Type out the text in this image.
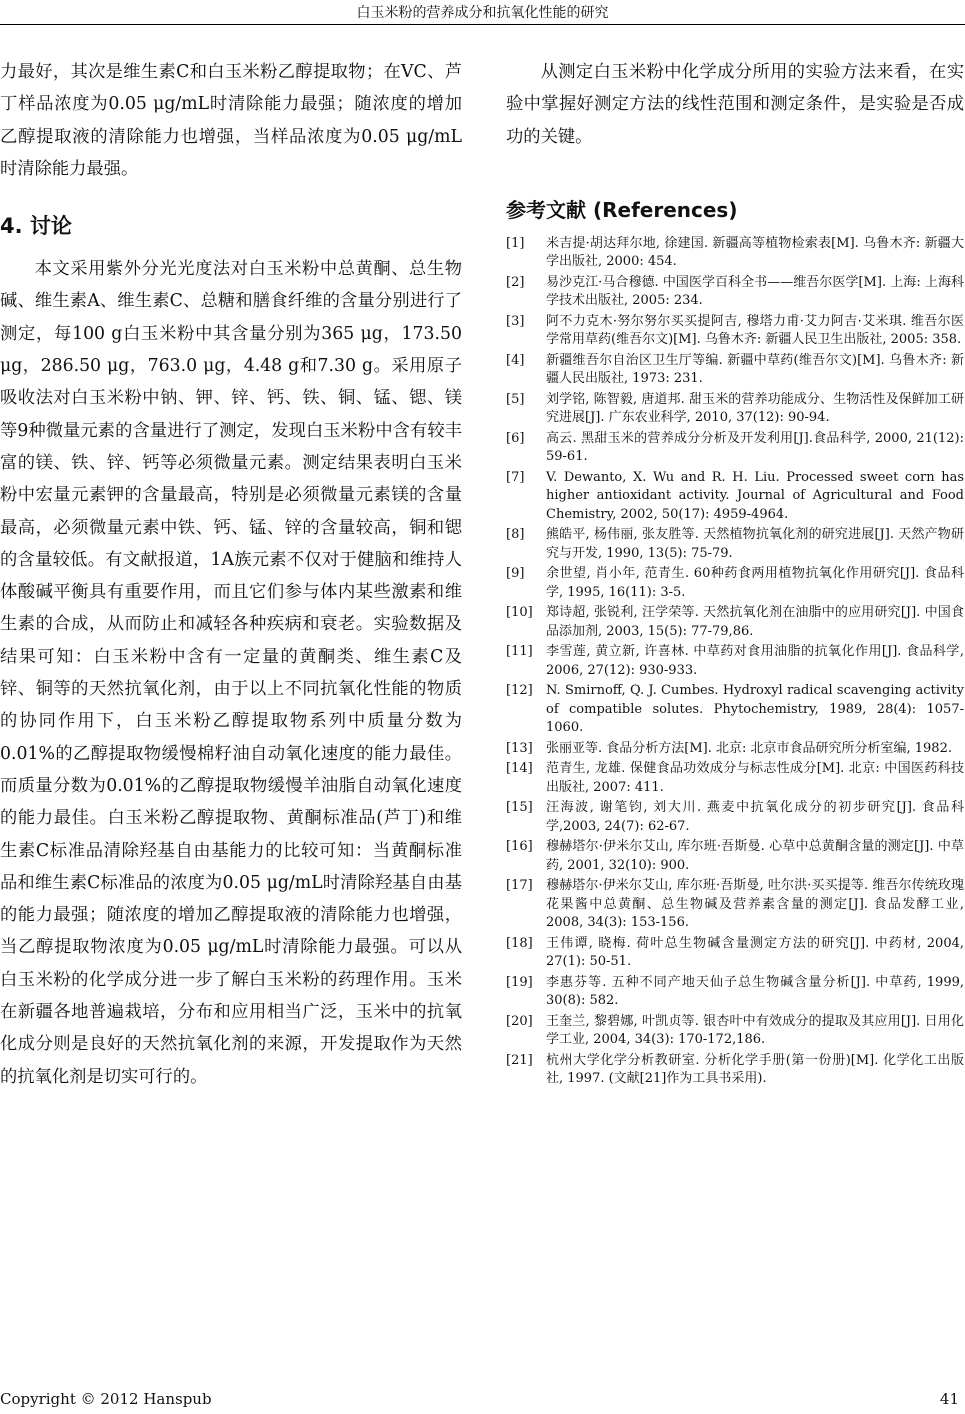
白玉米粉的营养成分和抗氧化性能的研究

力最好，其次是维生素C和白玉米粉乙醇提取物；在VC、芦丁样品浓度为0.05 μg/mL时清除能力最强；随浓度的增加乙醇提取液的清除能力也增强，当样品浓度为0.05 μg/mL时清除能力最强。

4. 讨论

本文采用紫外分光光度法对白玉米粉中总黄酮、总生物碱、维生素A、维生素C、总糖和膳食纤维的含量分别进行了测定，每100 g白玉米粉中其含量分别为365 μg，173.50 μg，286.50 μg，763.0 μg，4.48 g和7.30 g。采用原子吸收法对白玉米粉中钠、钾、锌、钙、铁、铜、锰、锶、镁等9种微量元素的含量进行了测定，发现白玉米粉中含有较丰富的镁、铁、锌、钙等必须微量元素。测定结果表明白玉米粉中宏量元素钾的含量最高，特别是必须微量元素镁的含量最高，必须微量元素中铁、钙、锰、锌的含量较高，铜和锶的含量较低。有文献报道，1A族元素不仅对于健脑和维持人体酸碱平衡具有重要作用，而且它们参与体内某些激素和维生素的合成，从而防止和减轻各种疾病和衰老。实验数据及结果可知：白玉米粉中含有一定量的黄酮类、维生素C及锌、铜等的天然抗氧化剂，由于以上不同抗氧化性能的物质的协同作用下，白玉米粉乙醇提取物系列中质量分数为0.01%的乙醇提取物缓慢棉籽油自动氧化速度的能力最佳。而质量分数为0.01%的乙醇提取物缓慢羊油脂自动氧化速度的能力最佳。白玉米粉乙醇提取物、黄酮标准品(芦丁)和维生素C标准品清除羟基自由基能力的比较可知：当黄酮标准品和维生素C标准品的浓度为0.05 μg/mL时清除羟基自由基的能力最强；随浓度的增加乙醇提取液的清除能力也增强，当乙醇提取物浓度为0.05 μg/mL时清除能力最强。可以从白玉米粉的化学成分进一步了解白玉米粉的药理作用。玉米在新疆各地普遍栽培，分布和应用相当广泛，玉米中的抗氧化成分则是良好的天然抗氧化剂的来源，开发提取作为天然的抗氧化剂是切实可行的。

从测定白玉米粉中化学成分所用的实验方法来看，在实验中掌握好测定方法的线性范围和测定条件，是实验是否成功的关键。

参考文献 (References)
[1]	米吉提·胡达拜尔地, 徐建国. 新疆高等植物检索表[M]. 乌鲁木齐: 新疆大学出版社, 2000: 454.
[2]	易沙克江·马合穆德. 中国医学百科全书——维吾尔医学[M]. 上海: 上海科学技术出版社, 2005: 234.
[3]	阿不力克木·努尔努尔买买提阿吉, 穆塔力甫·艾力阿吉·艾米琪. 维吾尔医学常用草药(维吾尔文)[M]. 乌鲁木齐: 新疆人民卫生出版社, 2005: 358.
[4]	新疆维吾尔自治区卫生厅等编. 新疆中草药(维吾尔文)[M]. 乌鲁木齐: 新疆人民出版社, 1973: 231.
[5]	刘学铭, 陈智毅, 唐道邦. 甜玉米的营养功能成分、生物活性及保鲜加工研究进展[J]. 广东农业科学, 2010, 37(12): 90-94.
[6]	高云. 黑甜玉米的营养成分分析及开发利用[J].食品科学, 2000, 21(12): 59-61.
[7]	V. Dewanto, X. Wu and R. H. Liu. Processed sweet corn has higher antioxidant activity. Journal of Agricultural and Food Chemistry, 2002, 50(17): 4959-4964.
[8]	熊皓平, 杨伟丽, 张友胜等. 天然植物抗氧化剂的研究进展[J]. 天然产物研究与开发, 1990, 13(5): 75-79.
[9]	余世望, 肖小年, 范青生. 60种药食两用植物抗氧化作用研究[J]. 食品科学, 1995, 16(11): 3-5.
[10]	郑诗超, 张锐利, 汪学荣等. 天然抗氧化剂在油脂中的应用研究[J]. 中国食品添加剂, 2003, 15(5): 77-79,86.
[11]	李雪莲, 黄立新, 许喜林. 中草药对食用油脂的抗氧化作用[J]. 食品科学, 2006, 27(12): 930-933.
[12]	N. Smirnoff, Q. J. Cumbes. Hydroxyl radical scavenging activity of compatible solutes. Phytochemistry, 1989, 28(4): 1057- 1060.
[13]	张丽亚等. 食品分析方法[M]. 北京: 北京市食品研究所分析室编, 1982.
[14]	范青生, 龙雄. 保健食品功效成分与标志性成分[M]. 北京: 中国医药科技出版社, 2007: 411.
[15]	汪海波, 谢笔钧, 刘大川. 燕麦中抗氧化成分的初步研究[J]. 食品科学,2003, 24(7): 62-67.
[16]	穆赫塔尔·伊米尔艾山, 库尔班·吾斯曼. 心草中总黄酮含量的测定[J]. 中草药, 2001, 32(10): 900.
[17]	穆赫塔尔·伊米尔艾山, 库尔班·吾斯曼, 吐尔洪·买买提等. 维吾尔传统玫瑰花果酱中总黄酮、总生物碱及营养素含量的测定[J]. 食品发酵工业, 2008, 34(3): 153-156.
[18]	王伟谭, 晓梅. 荷叶总生物碱含量测定方法的研究[J]. 中药材, 2004, 27(1): 50-51.
[19]	李惠芬等. 五种不同产地天仙子总生物碱含量分析[J]. 中草药, 1999, 30(8): 582.
[20]	王奎兰, 黎碧娜, 叶凯贞等. 银杏叶中有效成分的提取及其应用[J]. 日用化学工业, 2004, 34(3): 170-172,186.
[21]	杭州大学化学分析教研室. 分析化学手册(第一份册)[M]. 化学化工出版社, 1997. (文献[21]作为工具书采用).
Copyright © 2012 Hanspub	41
